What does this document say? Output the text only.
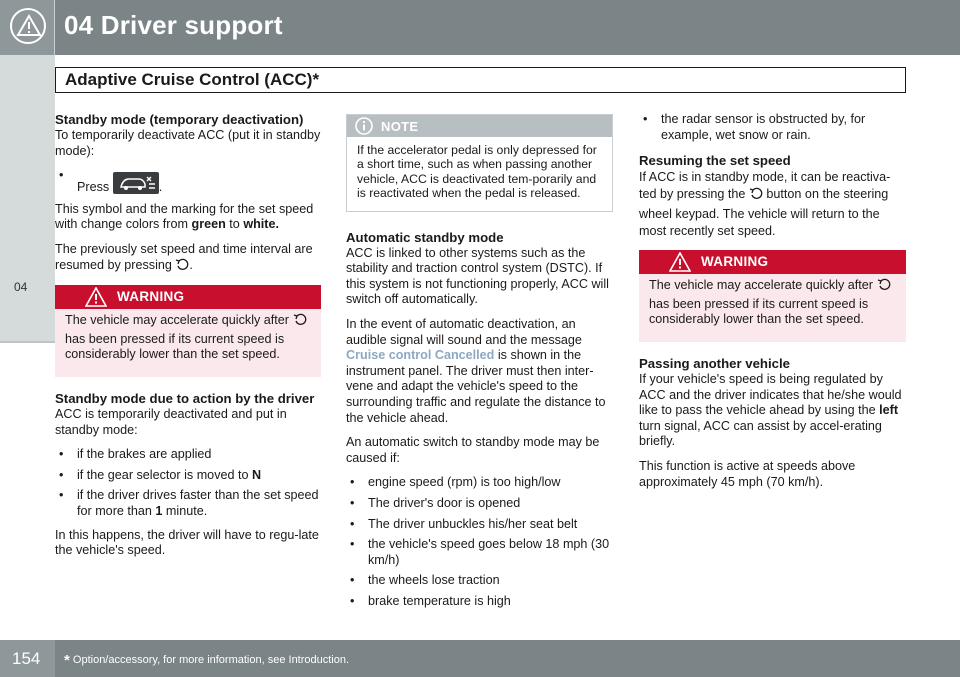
04 Driver support
Adaptive Cruise Control (ACC)*
04
Standby mode (temporary deactivation)

To temporarily deactivate ACC (put it in standby mode):

• Press	.

This symbol and the marking for the set speed with change colors from green to white.

The previously set speed and time interval are resumed by pressing .

WARNING
The vehicle may accelerate quickly after  has been pressed if its current speed is considerably lower than the set speed.
Standby mode due to action by the driver

ACC is temporarily deactivated and put in standby mode:

• if the brakes are applied
• if the gear selector is moved to N
• if the driver drives faster than the set speed for more than 1 minute.

In this happens, the driver will have to regu-late the vehicle's speed.

NOTE
If the accelerator pedal is only depressed for a short time, such as when passing another vehicle, ACC is deactivated tem-porarily and is reactivated when the pedal is released.
Automatic standby mode

ACC is linked to other systems such as the stability and traction control system (DSTC). If this system is not functioning properly, ACC will switch off automatically.

In the event of automatic deactivation, an audible signal will sound and the message Cruise control Cancelled is shown in the instrument panel. The driver must then inter-vene and adapt the vehicle's speed to the surrounding traffic and regulate the distance to the vehicle ahead.

An automatic switch to standby mode may be caused if:

• engine speed (rpm) is too high/low
• The driver's door is opened
• The driver unbuckles his/her seat belt
• the vehicle's speed goes below 18 mph (30 km/h)
• the wheels lose traction
• brake temperature is high
• the radar sensor is obstructed by, for example, wet snow or rain.
Resuming the set speed

If ACC is in standby mode, it can be reactiva-ted by pressing the  button on the steering wheel keypad. The vehicle will return to the most recently set speed.

WARNING
The vehicle may accelerate quickly after  has been pressed if its current speed is considerably lower than the set speed.
Passing another vehicle

If your vehicle's speed is being regulated by ACC and the driver indicates that he/she would like to pass the vehicle ahead by using the left turn signal, ACC can assist by accel-erating briefly.

This function is active at speeds above approximately 45 mph (70 km/h).

154 * Option/accessory, for more information, see Introduction.
